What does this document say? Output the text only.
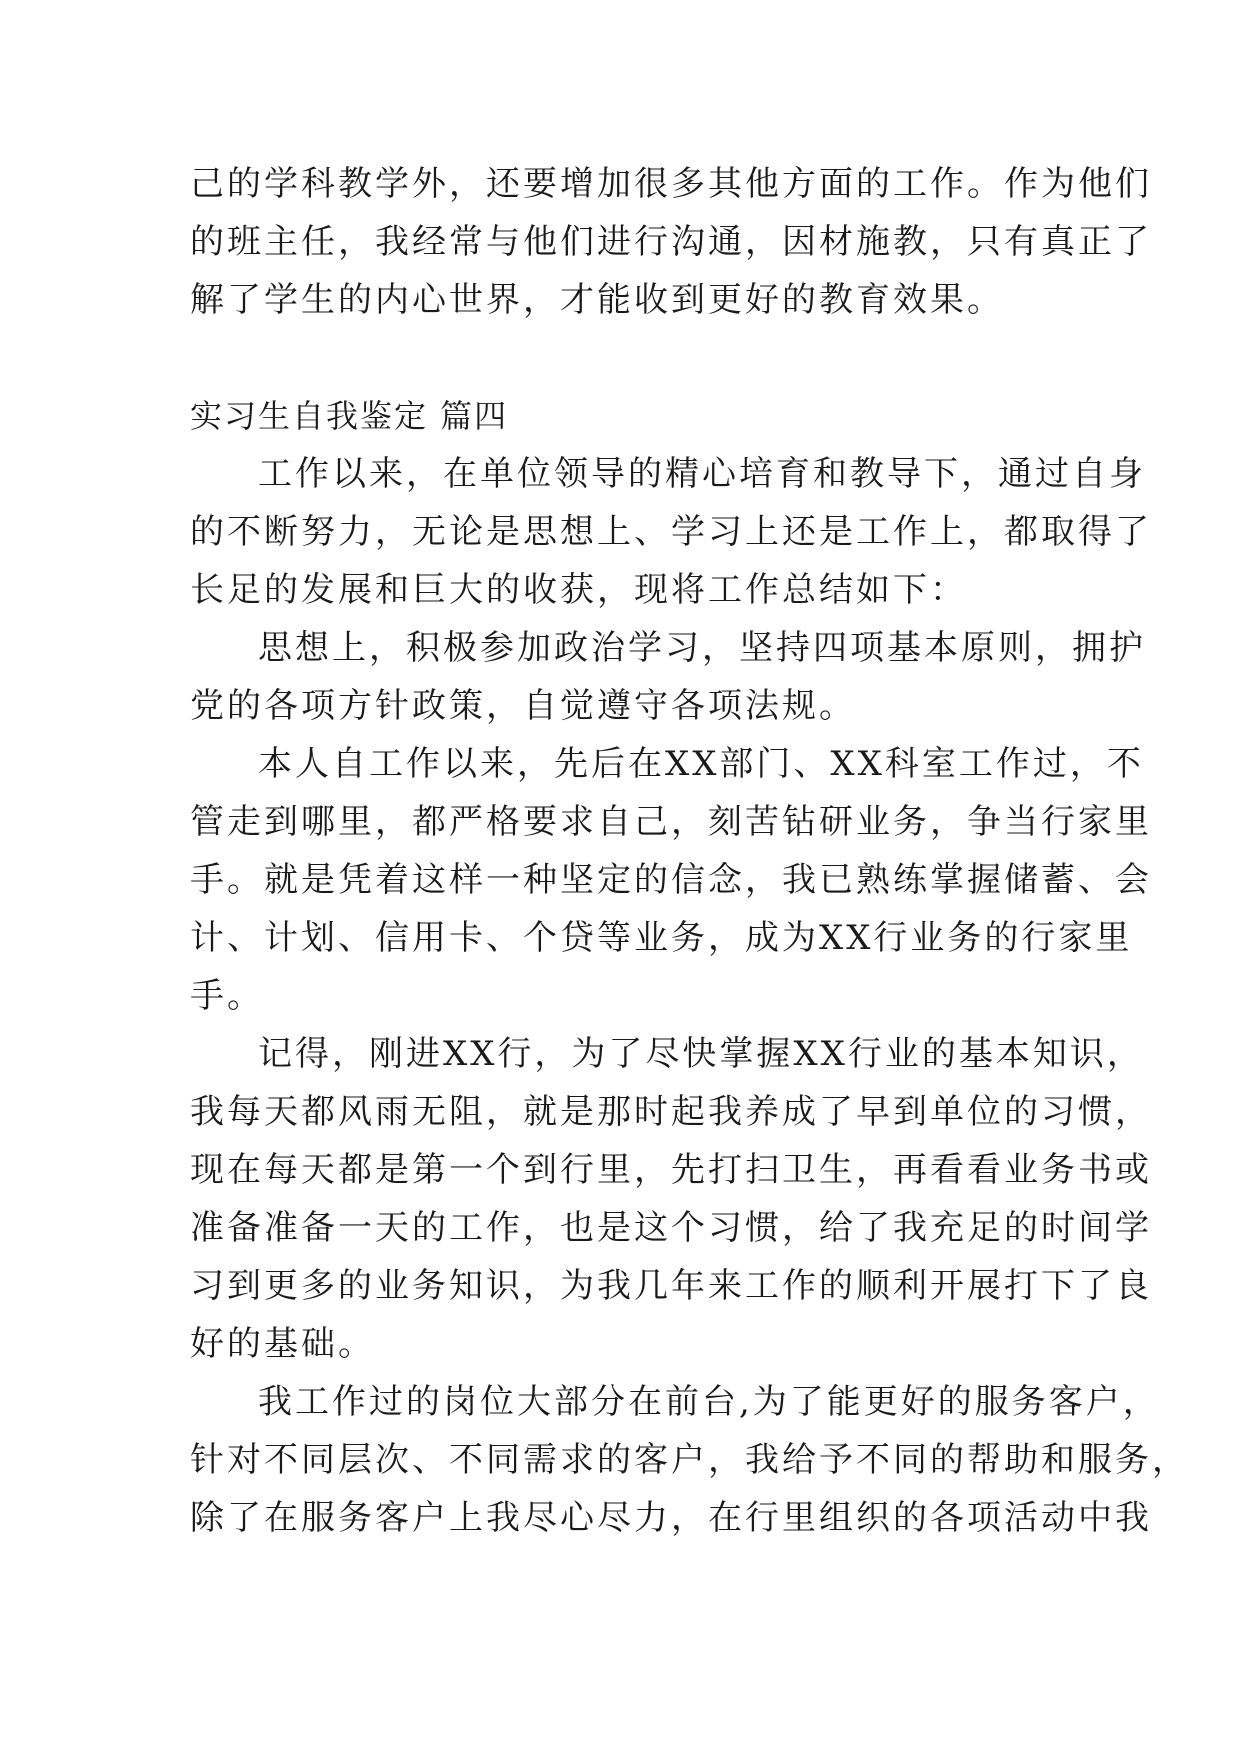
己的学科教学外，还要增加很多其他方面的工作。作为他们

的班主任，我经常与他们进行沟通，因材施教，只有真正了

解了学生的内心世界，才能收到更好的教育效果。

实习生自我鉴定 篇四

工作以来，在单位领导的精心培育和教导下，通过自身

的不断努力，无论是思想上、学习上还是工作上，都取得了

长足的发展和巨大的收获，现将工作总结如下：

思想上，积极参加政治学习，坚持四项基本原则，拥护

党的各项方针政策，自觉遵守各项法规。

本人自工作以来，先后在XX部门、XX科室工作过，不

管走到哪里，都严格要求自己，刻苦钻研业务，争当行家里

手。就是凭着这样一种坚定的信念，我已熟练掌握储蓄、会

计、计划、信用卡、个贷等业务，成为XX行业务的行家里

手。

记得，刚进XX行，为了尽快掌握XX行业的基本知识，

我每天都风雨无阻，就是那时起我养成了早到单位的习惯，

现在每天都是第一个到行里，先打扫卫生，再看看业务书或

准备准备一天的工作，也是这个习惯，给了我充足的时间学

习到更多的业务知识，为我几年来工作的顺利开展打下了良

好的基础。

我工作过的岗位大部分在前台,为了能更好的服务客户，

针对不同层次、不同需求的客户，我给予不同的帮助和服务，

除了在服务客户上我尽心尽力，在行里组织的各项活动中我
